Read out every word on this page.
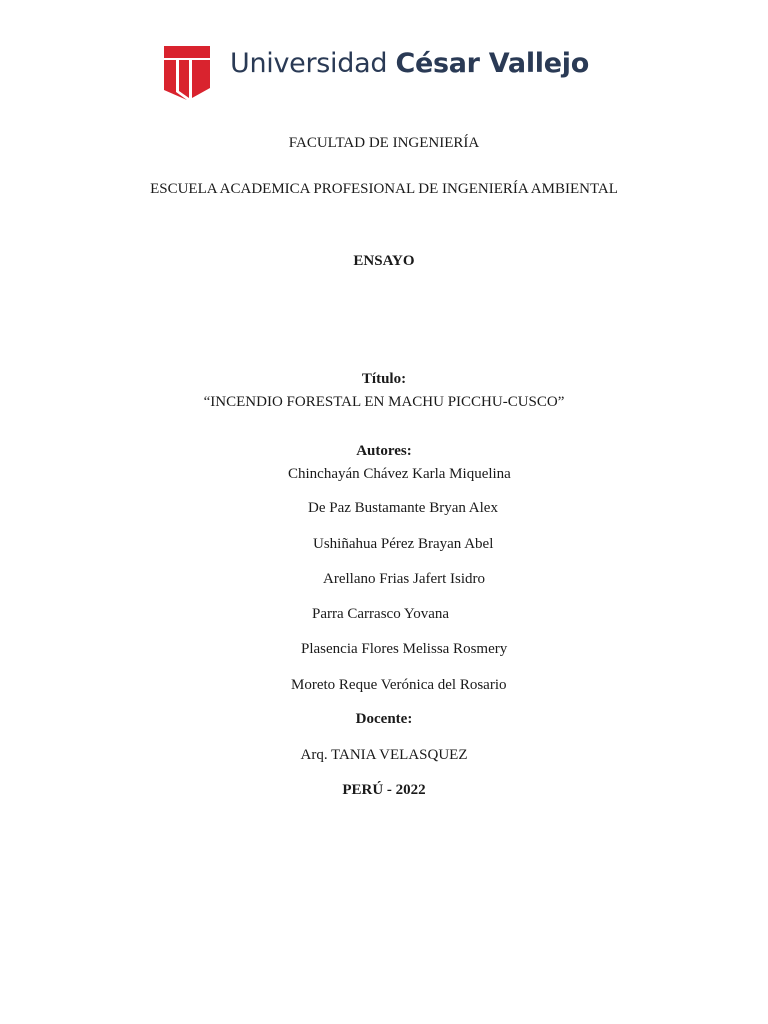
Universidad César Vallejo
FACULTAD DE INGENIERÍA
ESCUELA ACADEMICA PROFESIONAL DE INGENIERÍA AMBIENTAL
ENSAYO
Título:
“INCENDIO FORESTAL EN MACHU PICCHU-CUSCO”
Autores:
Chinchayán Chávez Karla Miquelina
De Paz Bustamante Bryan Alex
Ushiñahua Pérez Brayan Abel
Arellano Frias Jafert Isidro
Parra Carrasco Yovana
Plasencia Flores Melissa Rosmery
Moreto Reque Verónica del Rosario
Docente:
Arq. TANIA VELASQUEZ
PERÚ - 2022
